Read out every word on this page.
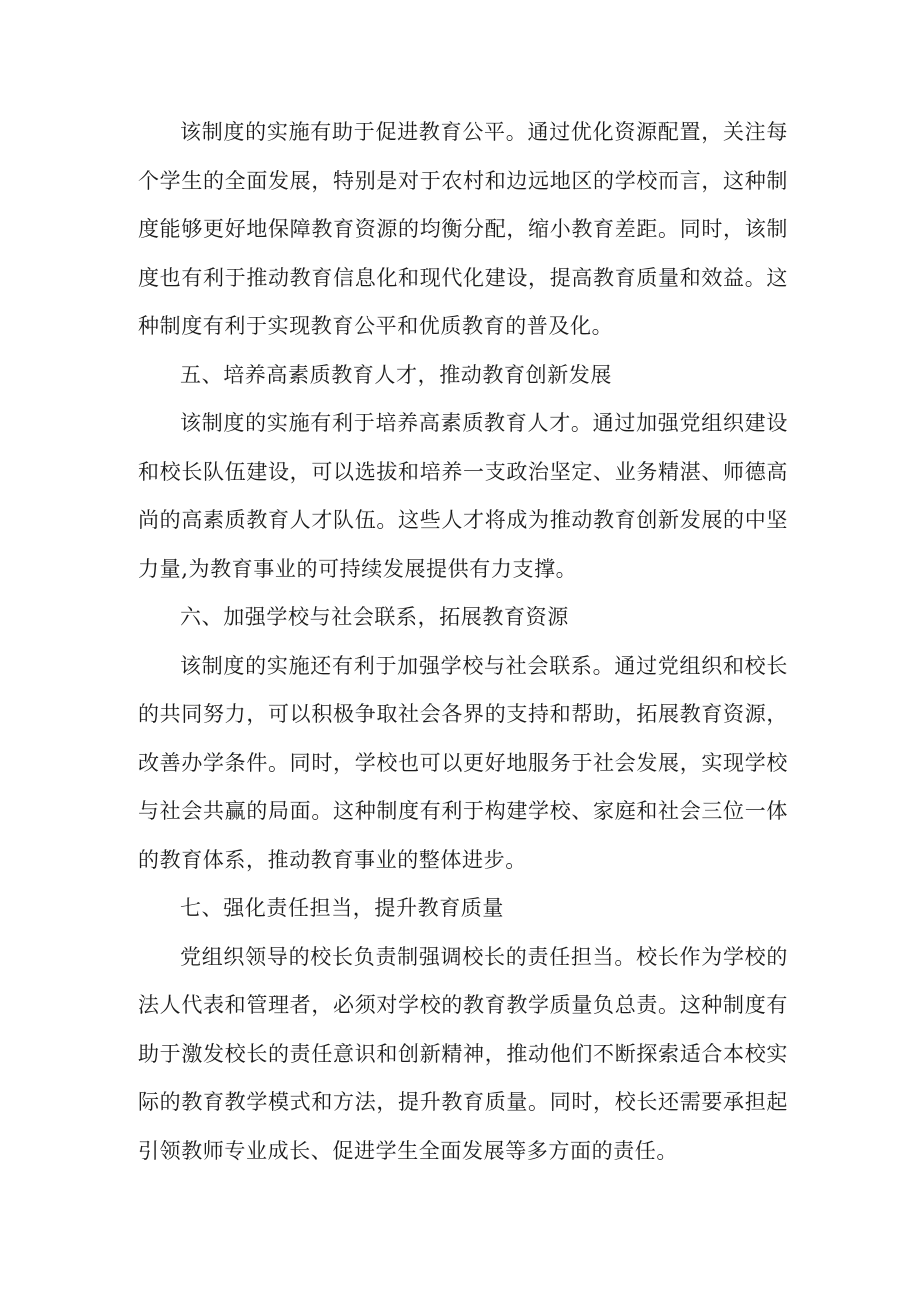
该制度的实施有助于促进教育公平。通过优化资源配置，关注每个学生的全面发展，特别是对于农村和边远地区的学校而言，这种制度能够更好地保障教育资源的均衡分配，缩小教育差距。同时，该制度也有利于推动教育信息化和现代化建设，提高教育质量和效益。这种制度有利于实现教育公平和优质教育的普及化。

五、培养高素质教育人才，推动教育创新发展

该制度的实施有利于培养高素质教育人才。通过加强党组织建设和校长队伍建设，可以选拔和培养一支政治坚定、业务精湛、师德高尚的高素质教育人才队伍。这些人才将成为推动教育创新发展的中坚力量,为教育事业的可持续发展提供有力支撑。

六、加强学校与社会联系，拓展教育资源

该制度的实施还有利于加强学校与社会联系。通过党组织和校长的共同努力，可以积极争取社会各界的支持和帮助，拓展教育资源，改善办学条件。同时，学校也可以更好地服务于社会发展，实现学校与社会共赢的局面。这种制度有利于构建学校、家庭和社会三位一体的教育体系，推动教育事业的整体进步。

七、强化责任担当，提升教育质量

党组织领导的校长负责制强调校长的责任担当。校长作为学校的法人代表和管理者，必须对学校的教育教学质量负总责。这种制度有助于激发校长的责任意识和创新精神，推动他们不断探索适合本校实际的教育教学模式和方法，提升教育质量。同时，校长还需要承担起引领教师专业成长、促进学生全面发展等多方面的责任。
